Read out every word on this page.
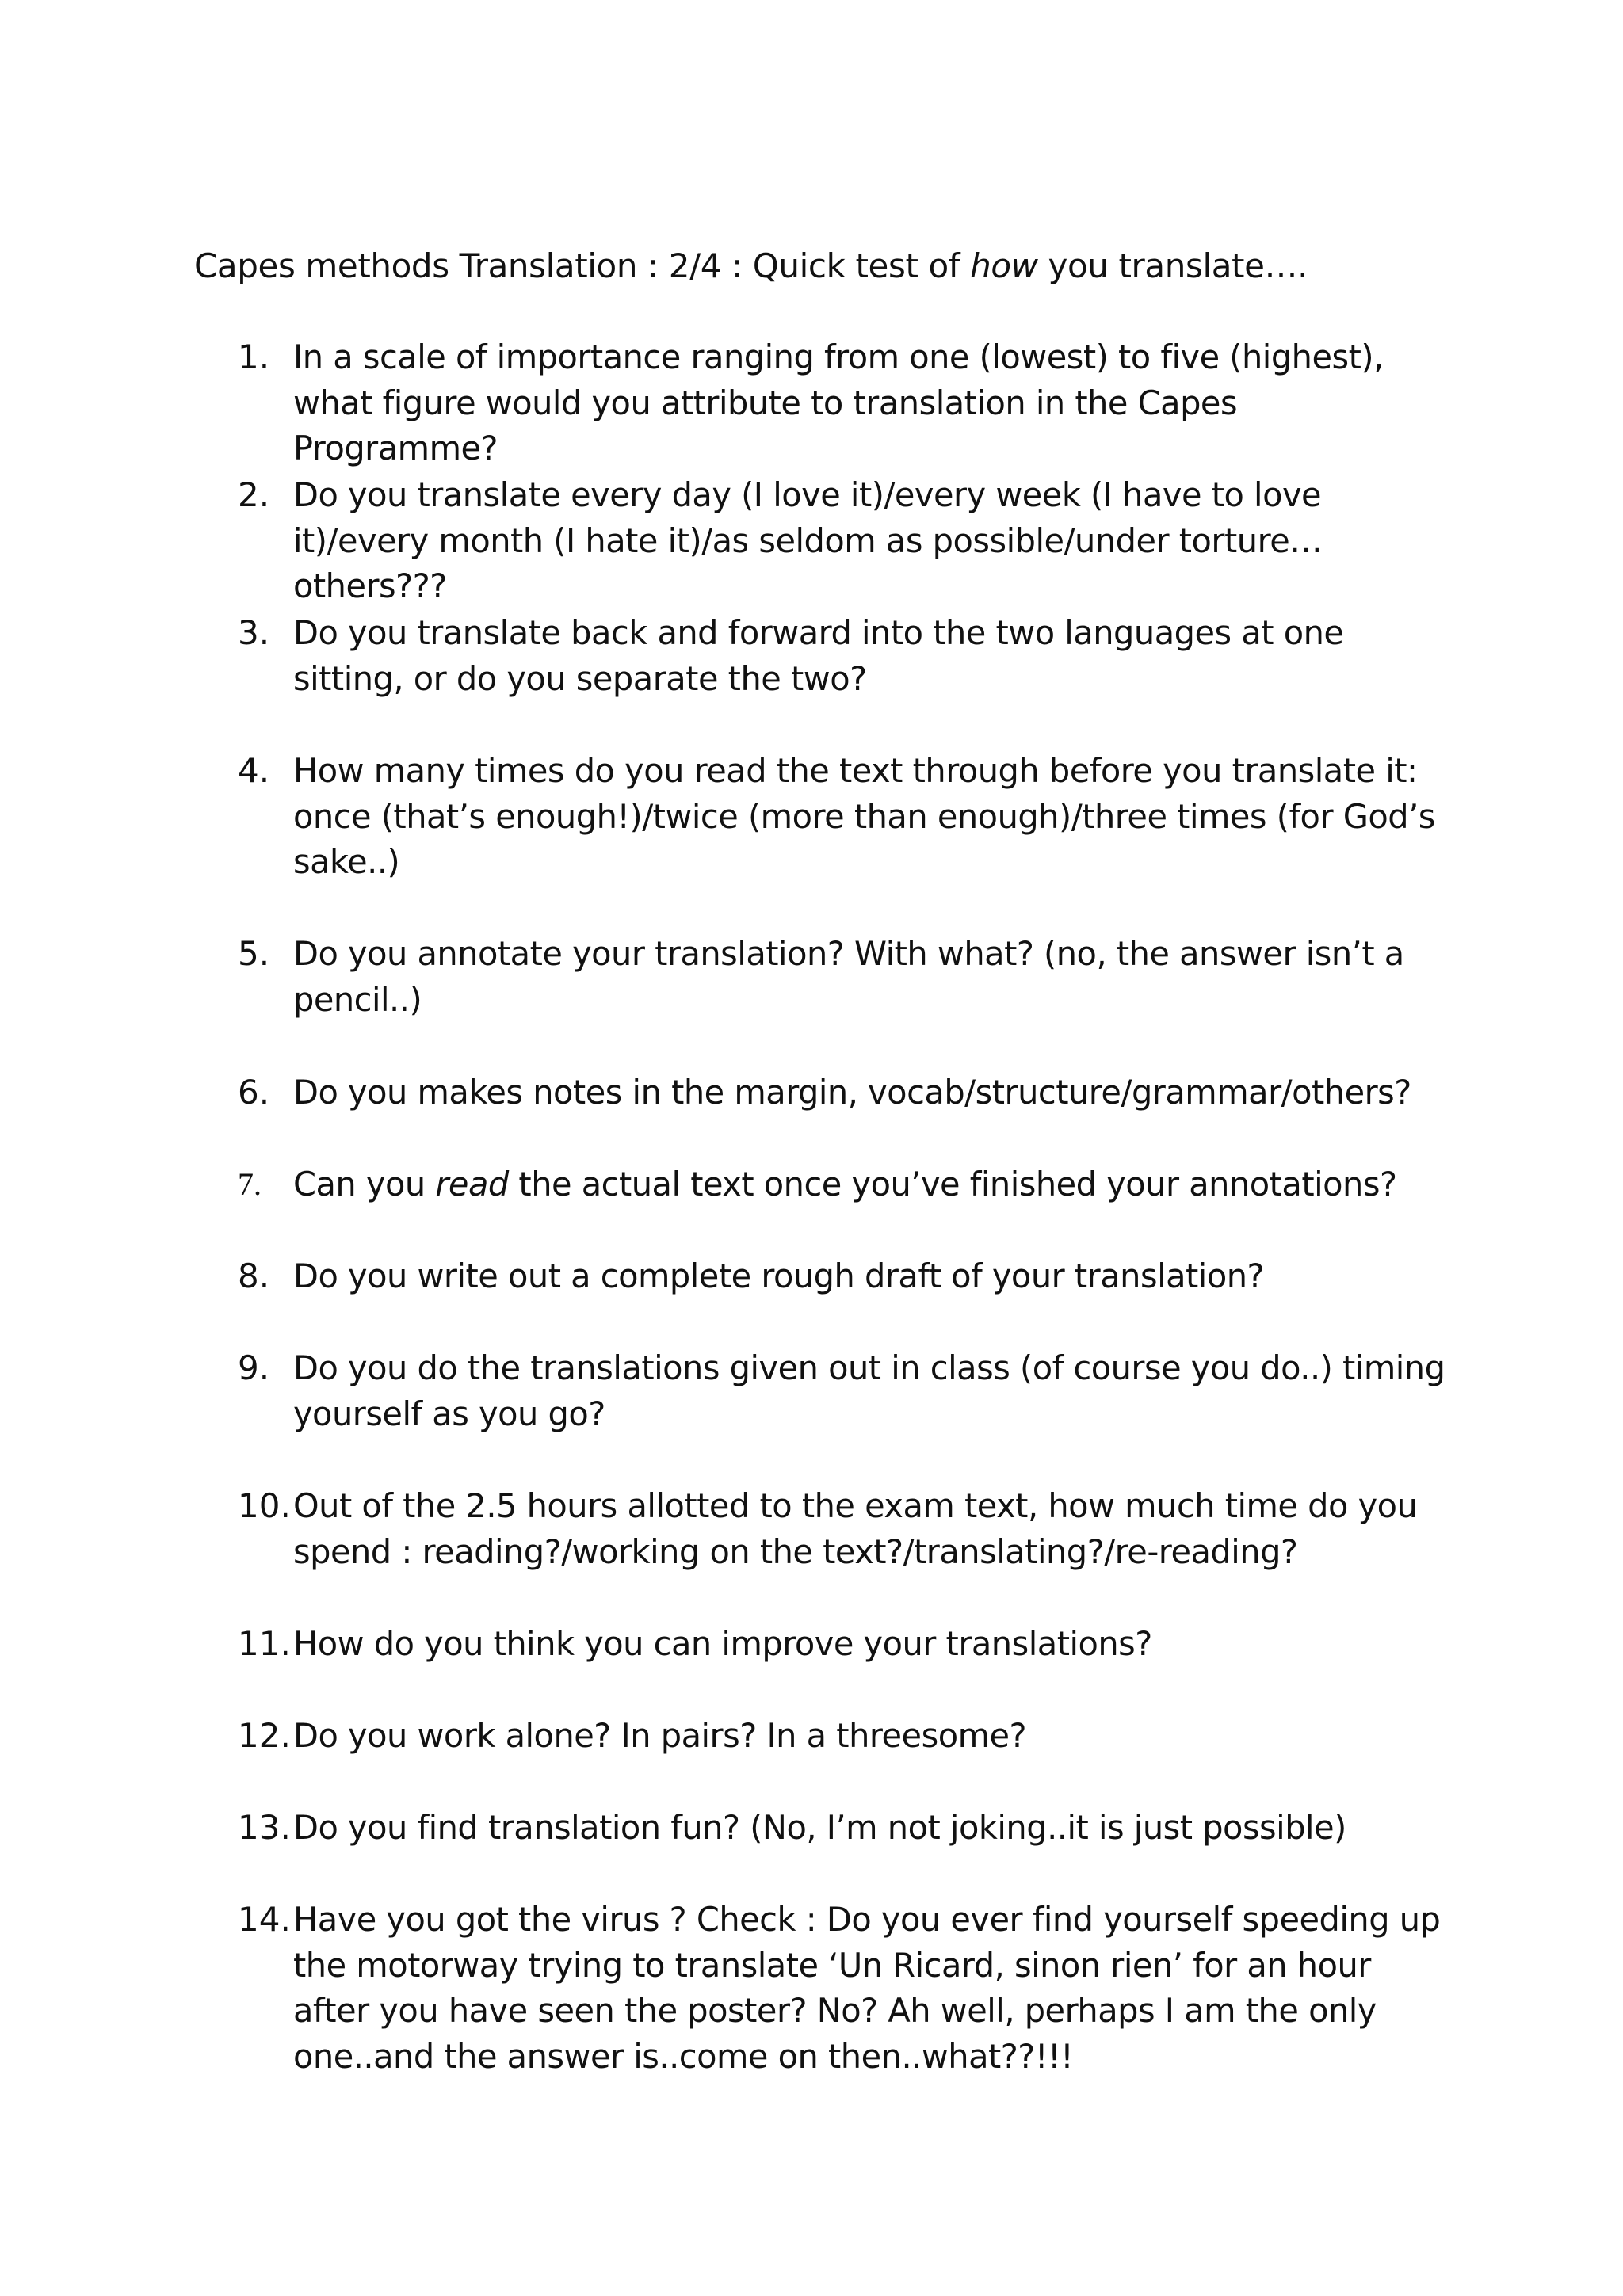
Capes methods Translation : 2/4 : Quick test of how you translate….
1. In a scale of importance ranging from one (lowest) to five (highest), what figure would you attribute to translation in the Capes Programme?
2. Do you translate every day (I love it)/every week (I have to love it)/every month (I hate it)/as seldom as possible/under torture…others???
3. Do you translate back and forward into the two languages at one sitting, or do you separate the two?
4. How many times do you read the text through before you translate it: once (that’s enough!)/twice (more than enough)/three times (for God’s sake..)
5. Do you annotate your translation? With what? (no, the answer isn’t a pencil..)
6. Do you makes notes in the margin, vocab/structure/grammar/others?
7. Can you read the actual text once you’ve finished your annotations?
8. Do you write out a complete rough draft of your translation?
9. Do you do the translations given out in class (of course you do..) timing yourself as you go?
10. Out of the 2.5 hours allotted to the exam text, how much time do you spend : reading?/working on the text?/translating?/re-reading?
11. How do you think you can improve your translations?
12. Do you work alone? In pairs? In a threesome?
13. Do you find translation fun? (No, I’m not joking..it is just possible)
14. Have you got the virus ? Check : Do you ever find yourself speeding up the motorway trying to translate ‘Un Ricard, sinon rien’ for an hour after you have seen the poster? No? Ah well, perhaps I am the only one..and the answer is..come on then..what??!!!
